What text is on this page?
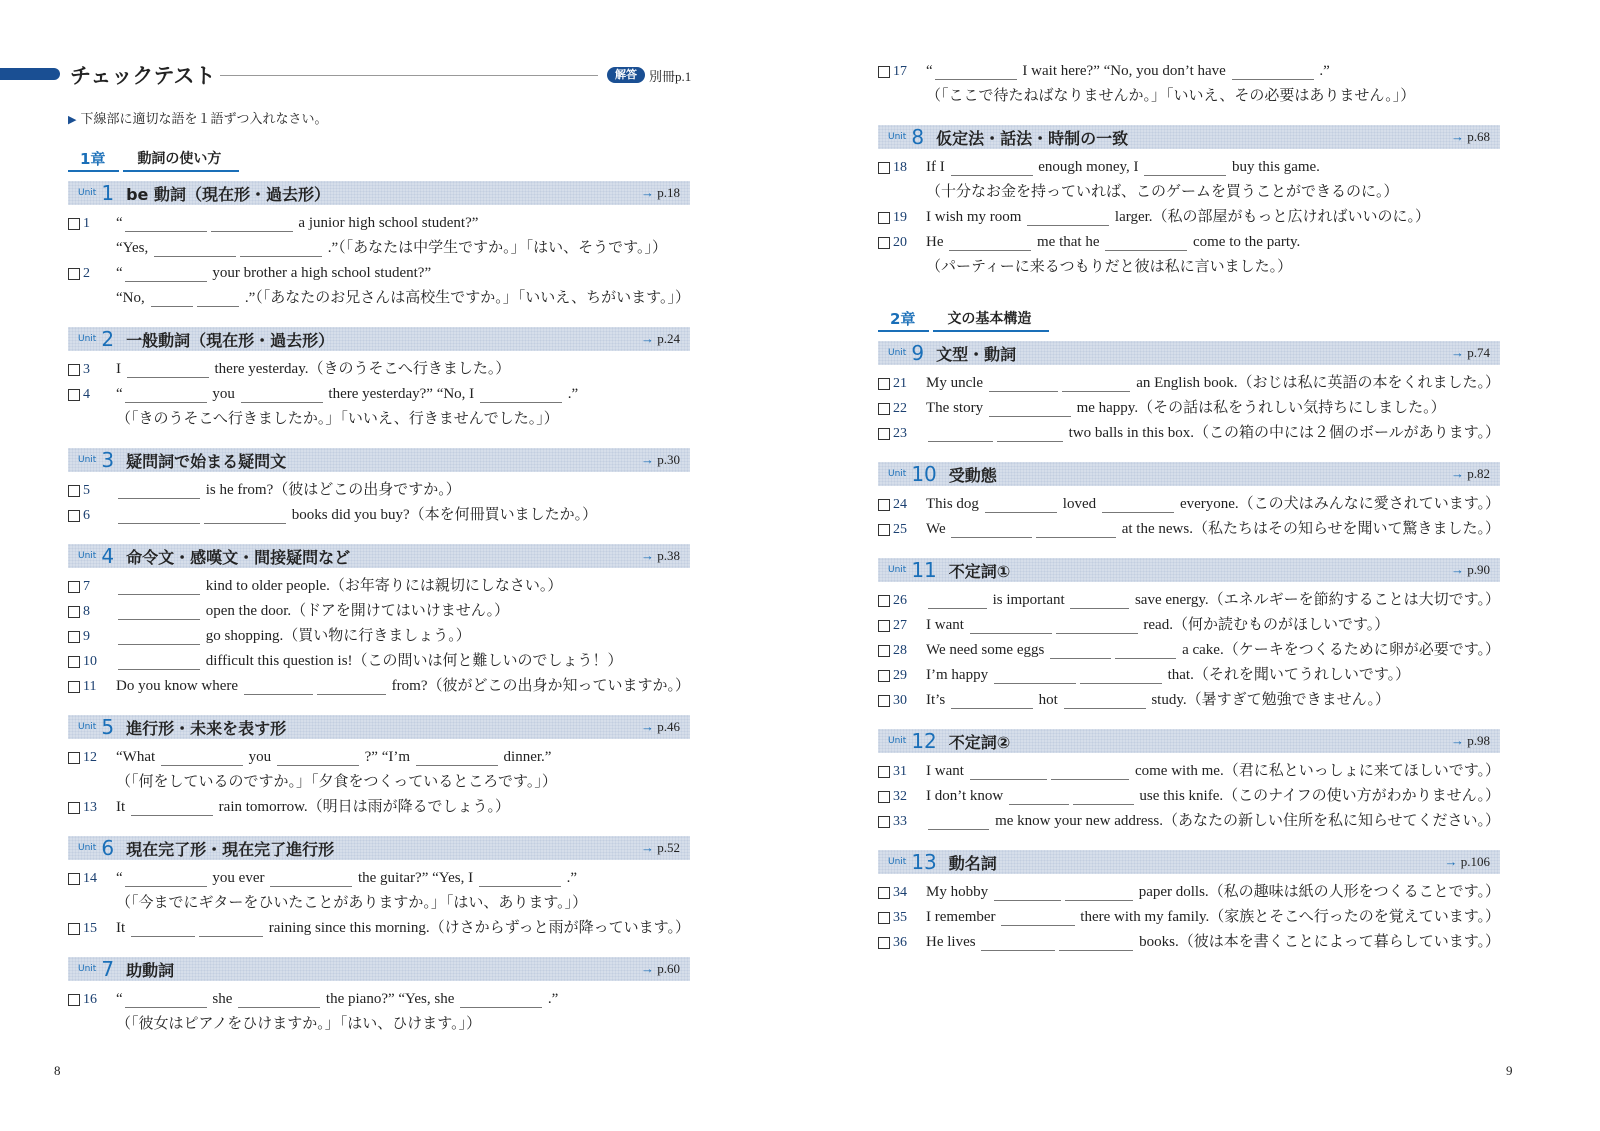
チェックテスト	解答 別冊p.1
▶ 下線部に適切な語を１語ずつ入れなさい。
1章	動詞の使い方
Unit 1 be 動詞（現在形・過去形）	→ p.18
1 “	a junior high school student?”
“Yes,	.”（「あなたは中学生ですか。」「はい、そうです。」）
2 “	your brother a high school student?”
“No,	.”（「あなたのお兄さんは高校生ですか。」「いいえ、ちがいます。」）
Unit 2 一般動詞（現在形・過去形）	→ p.24
3 I	there yesterday.（きのうそこへ行きました。）
4 “	you	there yesterday?” “No, I	.”
（「きのうそこへ行きましたか。」「いいえ、行きませんでした。」）
Unit 3 疑問詞で始まる疑問文	→ p.30
5	is he from?（彼はどこの出身ですか。）
6	books did you buy?（本を何冊買いましたか。）
Unit 4 命令文・感嘆文・間接疑問など	→ p.38
7	kind to older people.（お年寄りには親切にしなさい。）
8	open the door.（ドアを開けてはいけません。）
9	go shopping.（買い物に行きましょう。）
10	difficult this question is!（この問いは何と難しいのでしょう！）
11 Do you know where	from?（彼がどこの出身か知っていますか。）
Unit 5 進行形・未来を表す形	→ p.46
12 “What	you	?” “I’m	dinner.”
（「何をしているのですか。」「夕食をつくっているところです。」）
13 It	rain tomorrow.（明日は雨が降るでしょう。）
Unit 6 現在完了形・現在完了進行形	→ p.52
14 “	you ever	the guitar?” “Yes, I	.”
（「今までにギターをひいたことがありますか。」「はい、あります。」）
15 It	raining since this morning.（けさからずっと雨が降っています。）
Unit 7 助動詞	→ p.60
16 “	she	the piano?” “Yes, she	.”
（「彼女はピアノをひけますか。」「はい、ひけます。」）
17 “	I wait here?” “No, you don’t have	.”
（「ここで待たねばなりませんか。」「いいえ、その必要はありません。」）
Unit 8 仮定法・話法・時制の一致	→ p.68
18 If I	enough money, I	buy this game.
（十分なお金を持っていれば、このゲームを買うことができるのに。）
19 I wish my room	larger.（私の部屋がもっと広ければいいのに。）
20 He	me that he	come to the party.
（パーティーに来るつもりだと彼は私に言いました。）
2章	文の基本構造
Unit 9 文型・動詞	→ p.74
21 My uncle	an English book.（おじは私に英語の本をくれました。）
22 The story	me happy.（その話は私をうれしい気持ちにしました。）
23	two balls in this box.（この箱の中には２個のボールがあります。）
Unit 10 受動態	→ p.82
24 This dog	loved	everyone.（この犬はみんなに愛されています。）
25 We	at the news.（私たちはその知らせを聞いて驚きました。）
Unit 11 不定詞①	→ p.90
26	is important	save energy.（エネルギーを節約することは大切です。）
27 I want	read.（何か読むものがほしいです。）
28 We need some eggs	a cake.（ケーキをつくるために卵が必要です。）
29 I’m happy	that.（それを聞いてうれしいです。）
30 It’s	hot	study.（暑すぎて勉強できません。）
Unit 12 不定詞②	→ p.98
31 I want	come with me.（君に私といっしょに来てほしいです。）
32 I don’t know	use this knife.（このナイフの使い方がわかりません。）
33	me know your new address.（あなたの新しい住所を私に知らせてください。）
Unit 13 動名詞	→ p.106
34 My hobby	paper dolls.（私の趣味は紙の人形をつくることです。）
35 I remember	there with my family.（家族とそこへ行ったのを覚えています。）
36 He lives	books.（彼は本を書くことによって暮らしています。）
8	9
